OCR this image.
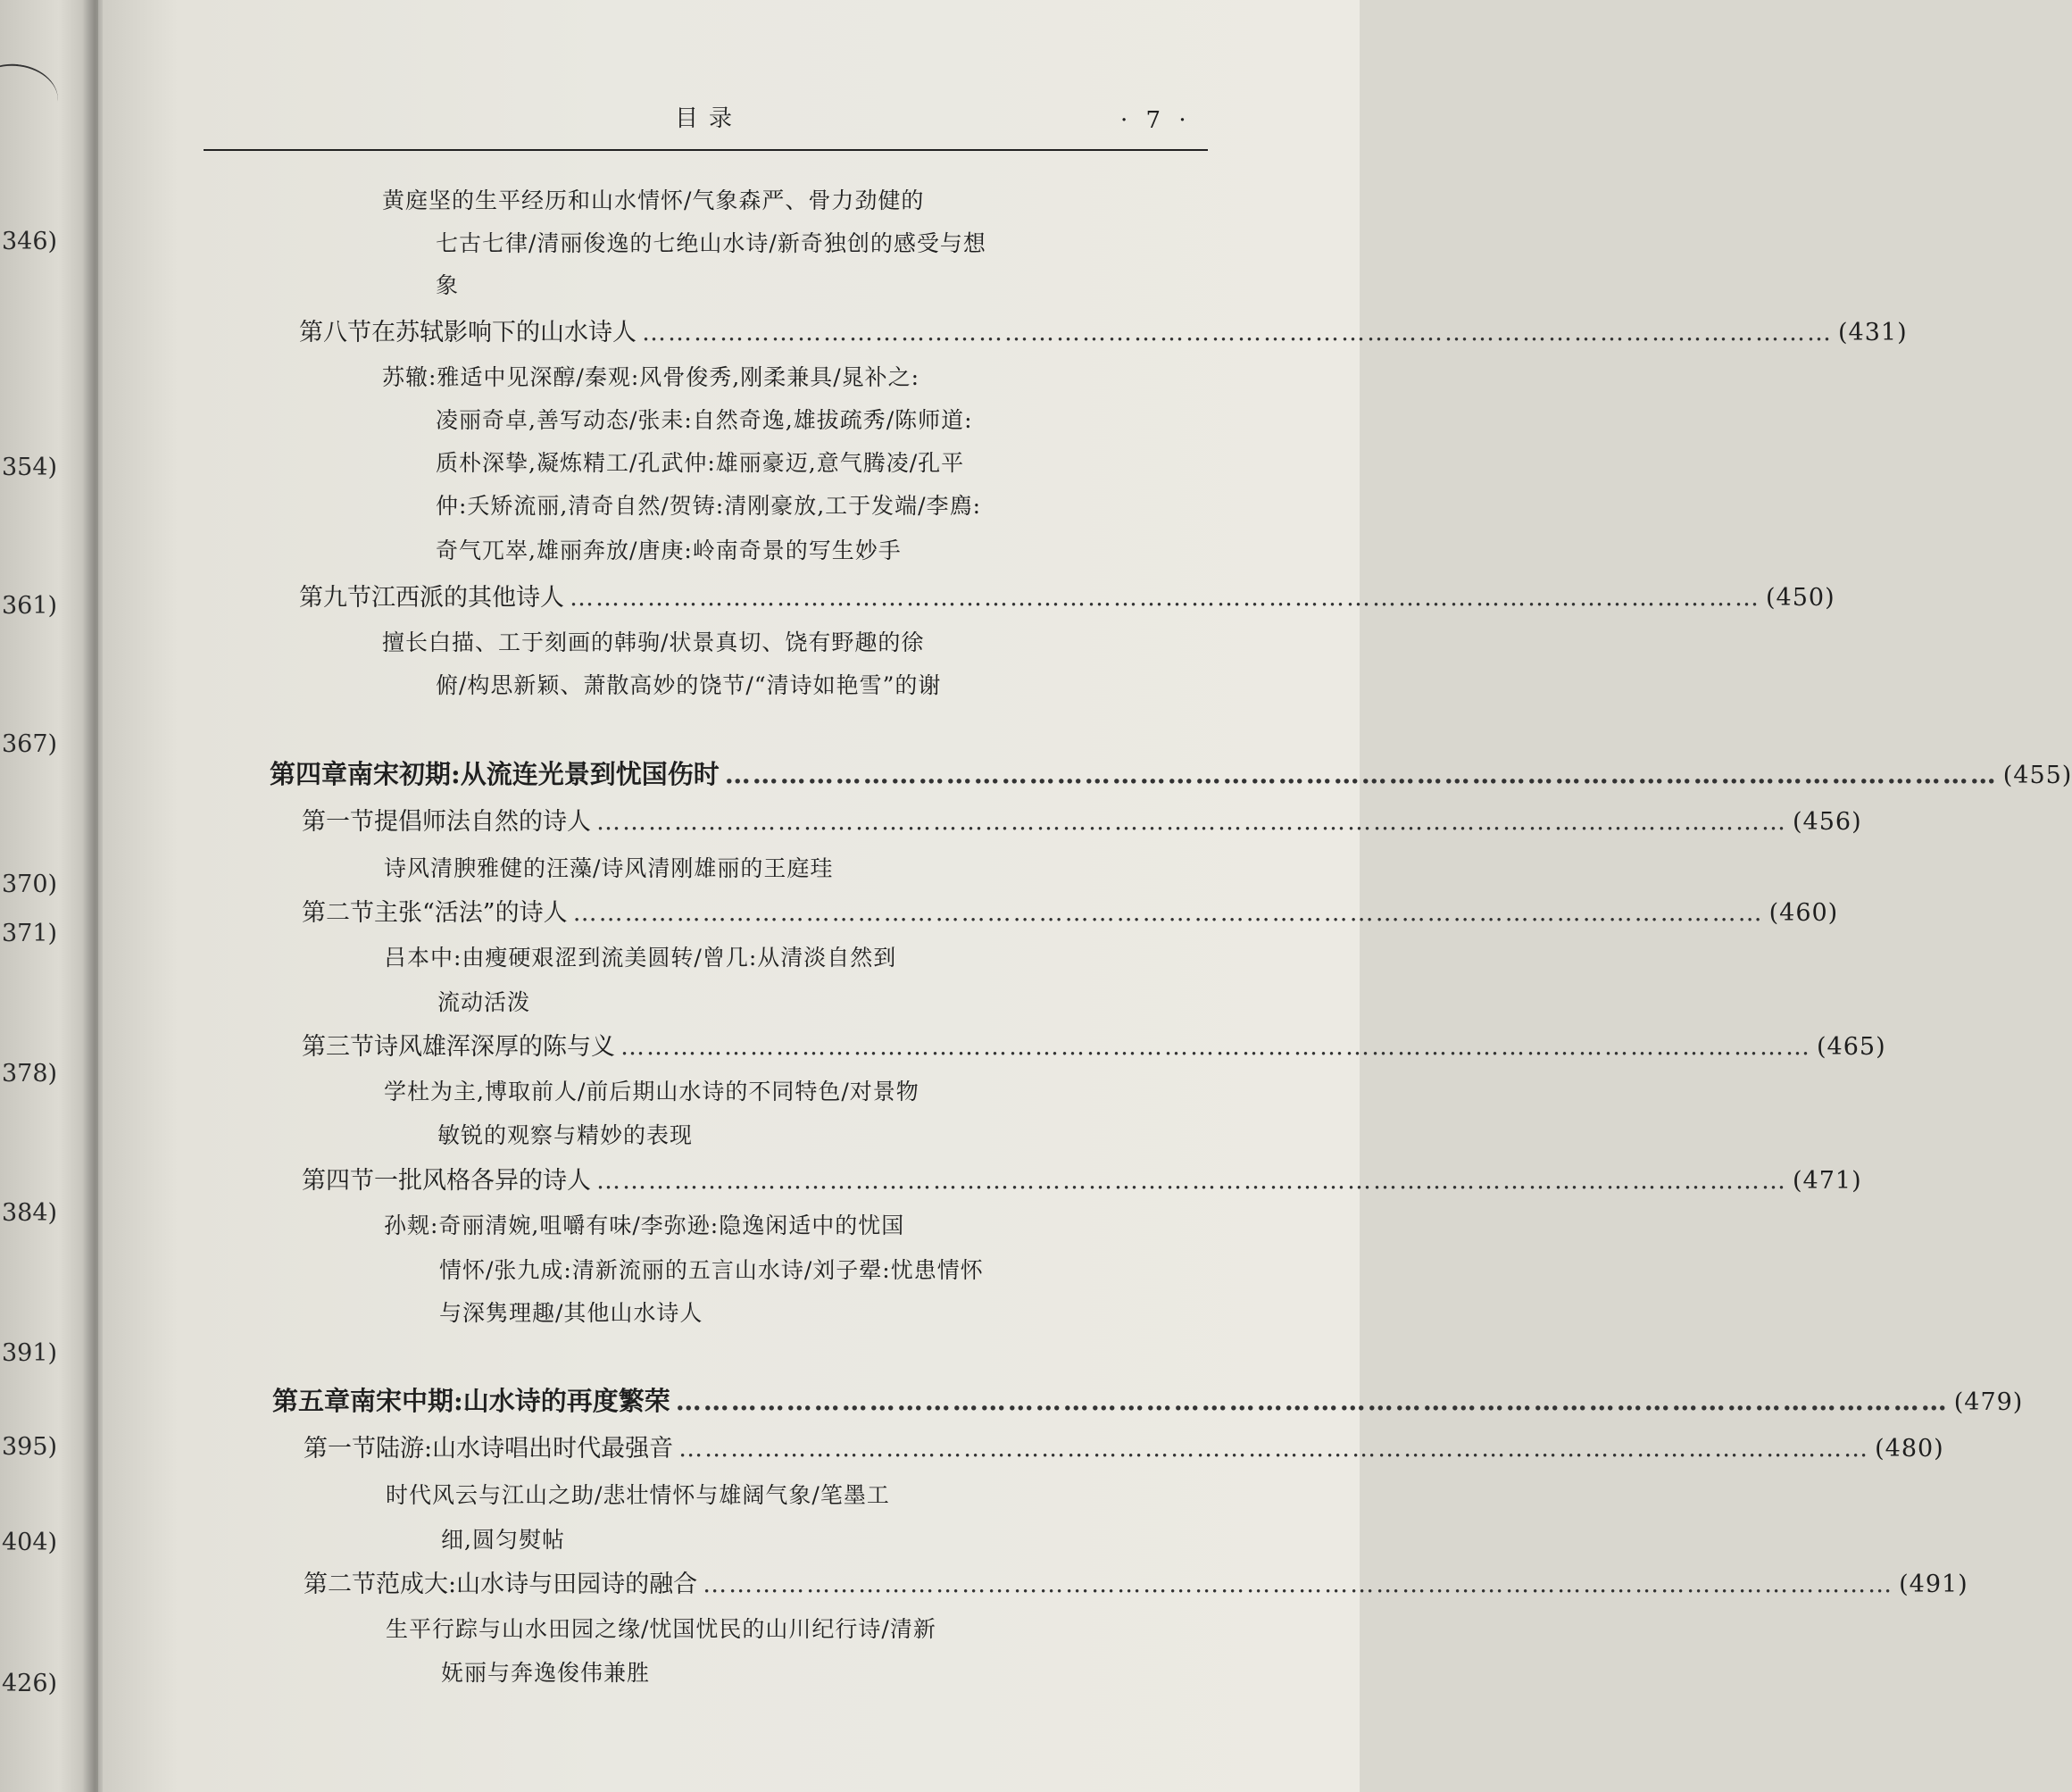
346)
354)
361)
367)
370)
371)
378)
384)
391)
395)
404)
426)
目录	· 7 ·
黄庭坚的生平经历和山水情怀/气象森严、骨力劲健的
七古七律/清丽俊逸的七绝山水诗/新奇独创的感受与想
象
第八节 在苏轼影响下的山水诗人 ………………………………………………………………………………………………………………………… (431)
苏辙:雅适中见深醇/秦观:风骨俊秀,刚柔兼具/晁补之:
凌丽奇卓,善写动态/张耒:自然奇逸,雄拔疏秀/陈师道:
质朴深挚,凝炼精工/孔武仲:雄丽豪迈,意气腾凌/孔平
仲:夭矫流丽,清奇自然/贺铸:清刚豪放,工于发端/李廌:
奇气兀崒,雄丽奔放/唐庚:岭南奇景的写生妙手
第九节 江西派的其他诗人 ………………………………………………………………………………………………………………………… (450)
擅长白描、工于刻画的韩驹/状景真切、饶有野趣的徐
俯/构思新颖、萧散高妙的饶节/“清诗如艳雪”的谢
第四章 南宋初期:从流连光景到忧国伤时 ………………………………………………………………………………………………………………………… (455)
第一节 提倡师法自然的诗人 ………………………………………………………………………………………………………………………… (456)
诗风清腴雅健的汪藻/诗风清刚雄丽的王庭珪
第二节 主张“活法”的诗人 ………………………………………………………………………………………………………………………… (460)
吕本中:由瘦硬艰涩到流美圆转/曾几:从清淡自然到
流动活泼
第三节 诗风雄浑深厚的陈与义 ………………………………………………………………………………………………………………………… (465)
学杜为主,博取前人/前后期山水诗的不同特色/对景物
敏锐的观察与精妙的表现
第四节 一批风格各异的诗人 ………………………………………………………………………………………………………………………… (471)
孙觌:奇丽清婉,咀嚼有味/李弥逊:隐逸闲适中的忧国
情怀/张九成:清新流丽的五言山水诗/刘子翚:忧患情怀
与深隽理趣/其他山水诗人
第五章 南宋中期:山水诗的再度繁荣 ………………………………………………………………………………………………………………………… (479)
第一节 陆游:山水诗唱出时代最强音 ………………………………………………………………………………………………………………………… (480)
时代风云与江山之助/悲壮情怀与雄阔气象/笔墨工
细,圆匀熨帖
第二节 范成大:山水诗与田园诗的融合 ………………………………………………………………………………………………………………………… (491)
生平行踪与山水田园之缘/忧国忧民的山川纪行诗/清新
妩丽与奔逸俊伟兼胜
